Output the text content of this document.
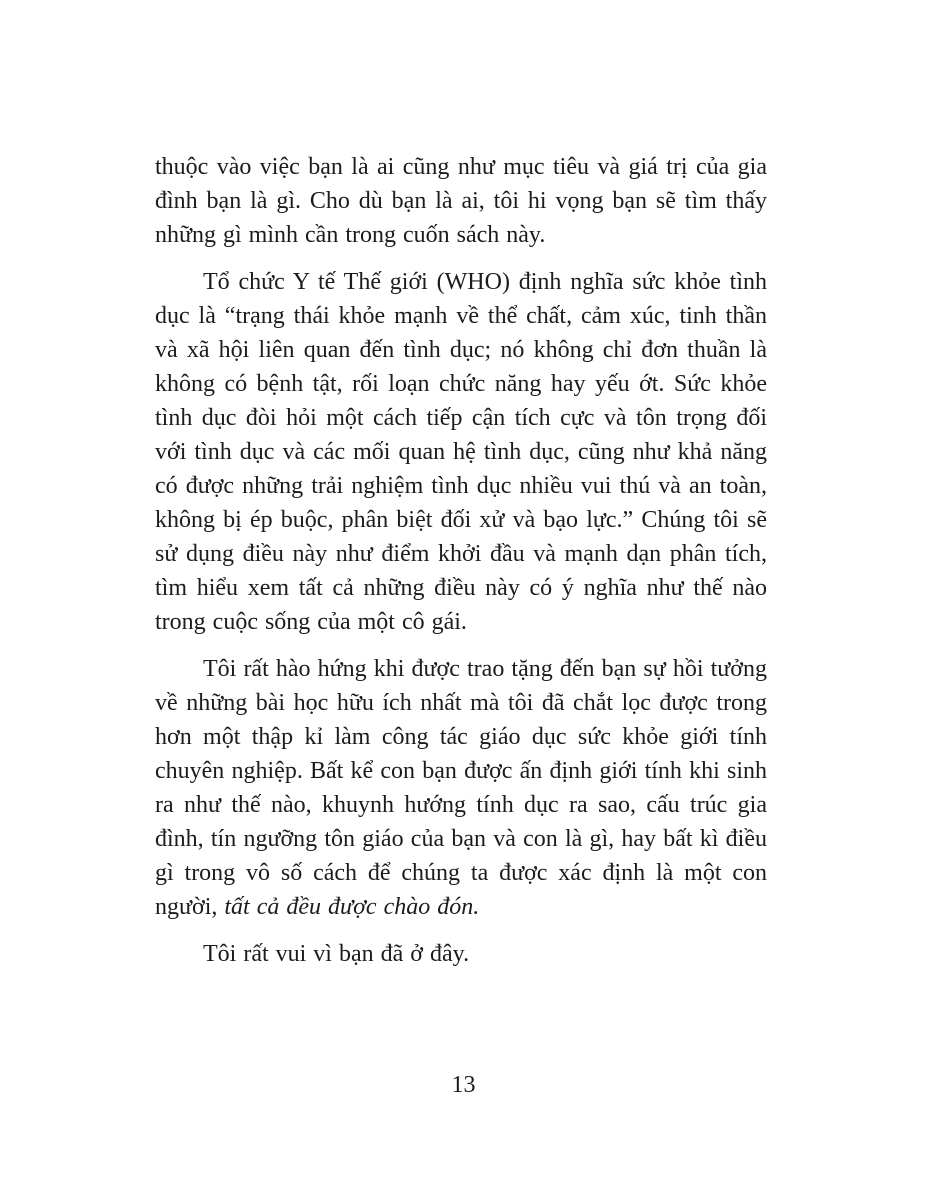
thuộc vào việc bạn là ai cũng như mục tiêu và giá trị của gia đình bạn là gì. Cho dù bạn là ai, tôi hi vọng bạn sẽ tìm thấy những gì mình cần trong cuốn sách này.

Tổ chức Y tế Thế giới (WHO) định nghĩa sức khỏe tình dục là “trạng thái khỏe mạnh về thể chất, cảm xúc, tinh thần và xã hội liên quan đến tình dục; nó không chỉ đơn thuần là không có bệnh tật, rối loạn chức năng hay yếu ớt. Sức khỏe tình dục đòi hỏi một cách tiếp cận tích cực và tôn trọng đối với tình dục và các mối quan hệ tình dục, cũng như khả năng có được những trải nghiệm tình dục nhiều vui thú và an toàn, không bị ép buộc, phân biệt đối xử và bạo lực.” Chúng tôi sẽ sử dụng điều này như điểm khởi đầu và mạnh dạn phân tích, tìm hiểu xem tất cả những điều này có ý nghĩa như thế nào trong cuộc sống của một cô gái.

Tôi rất hào hứng khi được trao tặng đến bạn sự hồi tưởng về những bài học hữu ích nhất mà tôi đã chắt lọc được trong hơn một thập kỉ làm công tác giáo dục sức khỏe giới tính chuyên nghiệp. Bất kể con bạn được ấn định giới tính khi sinh ra như thế nào, khuynh hướng tính dục ra sao, cấu trúc gia đình, tín ngưỡng tôn giáo của bạn và con là gì, hay bất kì điều gì trong vô số cách để chúng ta được xác định là một con người, tất cả đều được chào đón.

Tôi rất vui vì bạn đã ở đây.

13
